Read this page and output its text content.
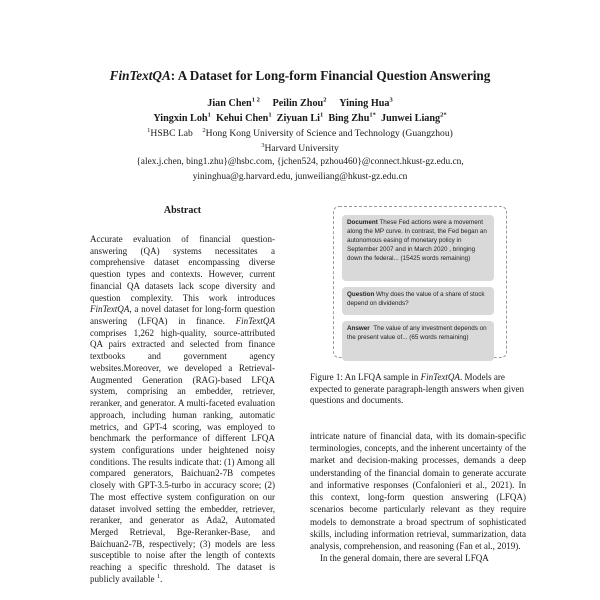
FinTextQA: A Dataset for Long-form Financial Question Answering
Jian Chen$^{1 2}$ Peilin Zhou$^2$ Yining Hua$^3$
Yingxin Loh$^1$ Kehui Chen$^1$ Ziyuan Li$^1$ Bing Zhu$^{1*}$ Junwei Liang$^{2*}$
$^1$HSBC Lab $^2$Hong Kong University of Science and Technology (Guangzhou)
$^3$Harvard University
{alex.j.chen, bing1.zhu}@hsbc.com, {jchen524, pzhou460}@connect.hkust-gz.edu.cn,
yininghua@g.harvard.edu, junweiliang@hkust-gz.edu.cn
Abstract

Accurate evaluation of financial question-answering (QA) systems necessitates a comprehensive dataset encompassing diverse question types and contexts. However, current financial QA datasets lack scope diversity and question complexity. This work introduces FinTextQA, a novel dataset for long-form question answering (LFQA) in finance. FinTextQA comprises 1,262 high-quality, source-attributed QA pairs extracted and selected from finance textbooks and government agency websites.Moreover, we developed a Retrieval-Augmented Generation (RAG)-based LFQA system, comprising an embedder, retriever, reranker, and generator. A multi-faceted evaluation approach, including human ranking, automatic metrics, and GPT-4 scoring, was employed to benchmark the performance of different LFQA system configurations under heightened noisy conditions. The results indicate that: (1) Among all compared generators, Baichuan2-7B competes closely with GPT-3.5-turbo in accuracy score; (2) The most effective system configuration on our dataset involved setting the embedder, retriever, reranker, and generator as Ada2, Automated Merged Retrieval, Bge-Reranker-Base, and Baichuan2-7B, respectively; (3) models are less susceptible to noise after the length of contexts reaching a specific threshold. The dataset is publicly available $^1$.

Document These Fed actions were a movement along the MP curve. In contrast, the Fed began an autonomous easing of monetary policy in September 2007 and in March 2020 , bringing down the federal... (15425 words remaining)
Question Why does the value of a share of stock depend on dividends?
Answer The value of any investment depends on the present value of... (65 words remaining)
Figure 1: An LFQA sample in FinTextQA. Models are expected to generate paragraph-length answers when given questions and documents.

intricate nature of financial data, with its domain-specific terminologies, concepts, and the inherent uncertainty of the market and decision-making processes, demands a deep understanding of the financial domain to generate accurate and informative responses (Confalonieri et al., 2021). In this context, long-form question answering (LFQA) scenarios become particularly relevant as they require models to demonstrate a broad spectrum of sophisticated skills, including information retrieval, summarization, data analysis, comprehension, and reasoning (Fan et al., 2019).

In the general domain, there are several LFQA
